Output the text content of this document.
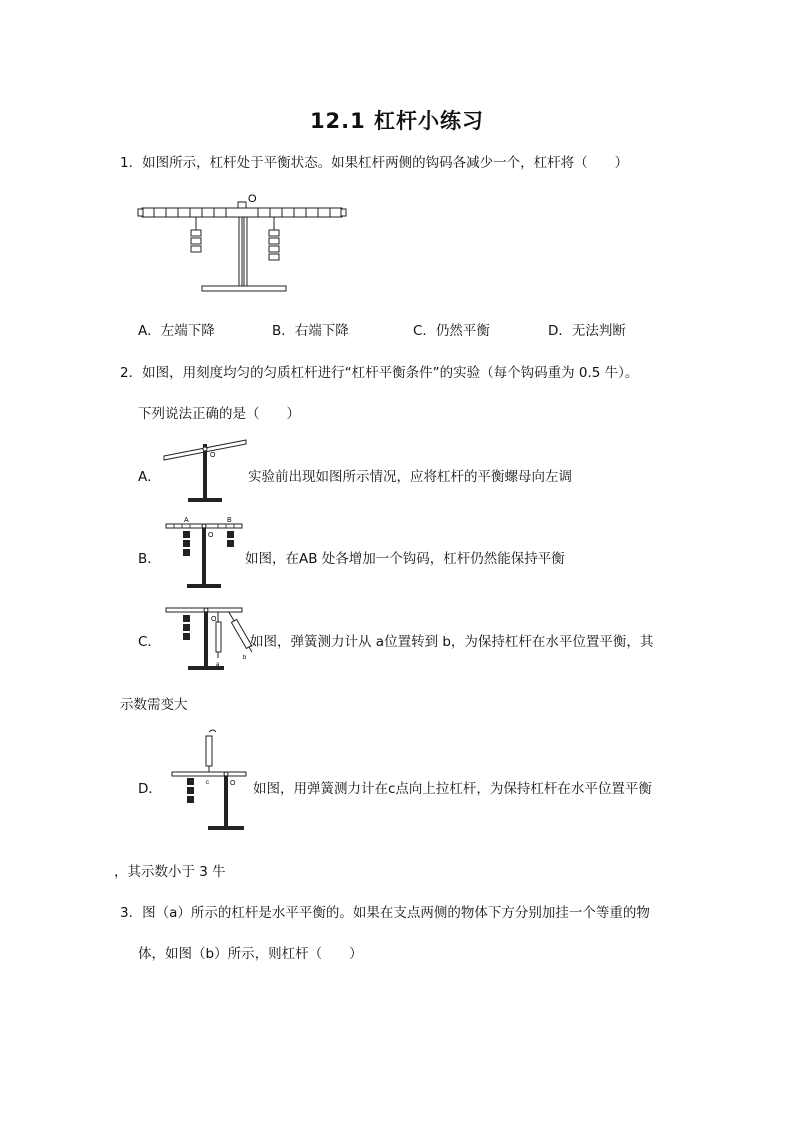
12.1 杠杆小练习
1．如图所示，杠杆处于平衡状态。如果杠杆两侧的钩码各减少一个，杠杆将（　　）
O
A．左端下降	B．右端下降	C．仍然平衡	D．无法判断
2．如图，用刻度均匀的匀质杠杆进行“杠杆平衡条件”的实验（每个钩码重为 0.5 牛）。
下列说法正确的是（　　）
A．
O
实验前出现如图所示情况，应将杠杆的平衡螺母向左调
B．
A	B
O
如图，在AB 处各增加一个钩码，杠杆仍然能保持平衡
C．
O
a
b
如图，弹簧测力计从 a位置转到 b，为保持杠杆在水平位置平衡，其
示数需变大
D．	O
c	如图，用弹簧测力计在c点向上拉杠杆，为保持杠杆在水平位置平衡
，其示数小于 3 牛
3．图（a）所示的杠杆是水平平衡的。如果在支点两侧的物体下方分别加挂一个等重的物
体，如图（b）所示，则杠杆（　　）
